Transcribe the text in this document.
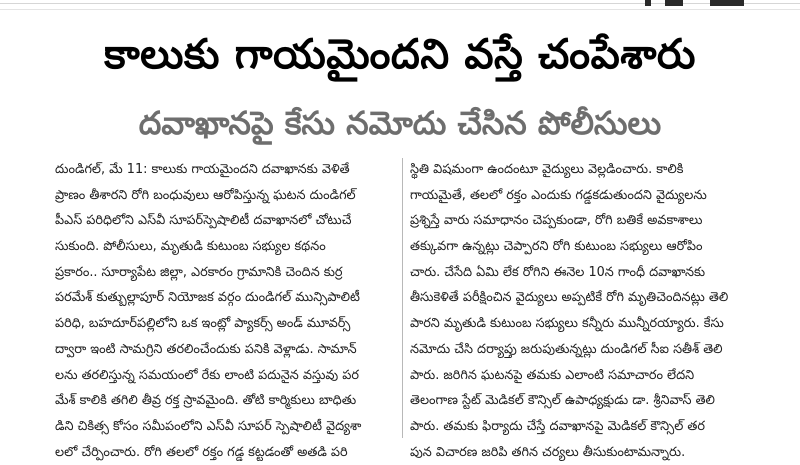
కాలుకు గాయమైందని వస్తే చంపేశారు
దవాఖానపై కేసు నమోదు చేసిన పోలీసులు
దుండిగల్, మే 11: కాలుకు గాయమైందని దవాఖానకు వెళితే
ప్రాణం తీశారని రోగి బంధువులు ఆరోపిస్తున్న ఘటన దుండిగల్
పీఎస్ పరిధిలోని ఎస్‌వీ సూపర్‌స్పెషాలిటీ దవాఖానలో చోటుచే
సుకుంది. పోలీసులు, మృతుడి కుటుంబ సభ్యుల కథనం
ప్రకారం.. సూర్యాపేట జిల్లా, ఎరకారం గ్రామానికి చెందిన కుర్ర
పరమేశ్ కుత్బుల్లాపూర్ నియోజక వర్గం దుండిగల్ మున్సిపాలిటీ
పరిధి, బహదూర్‌పల్లిలోని ఒక ఇంట్లో ప్యాకర్స్ అండ్ మూవర్స్
ద్వారా ఇంటి సామగ్రిని తరలించేందుకు పనికి వెళ్లాడు. సామాన్
లను తరలిస్తున్న సమయంలో రేకు లాంటి పదునైన వస్తువు పర
మేశ్ కాలికి తగిలి తీవ్ర రక్త స్రావమైంది. తోటి కార్మికులు బాధితు
డిని చికిత్స కోసం సమీపంలోని ఎస్‌వీ సూపర్ స్పెషాలిటీ వైద్యశా
లలో చేర్పించారు. రోగి తలలో రక్తం గడ్డ కట్టడంతో అతడి పరి
స్థితి విషమంగా ఉందంటూ వైద్యులు వెల్లడించారు. కాలికి
గాయమైతే, తలలో రక్తం ఎందుకు గడ్డకడుతుందని వైద్యులను
ప్రశ్నిస్తే వారు సమాధానం చెప్పకుండా, రోగి బతికే అవకాశాలు
తక్కువగా ఉన్నట్లు చెప్పారని రోగి కుటుంబ సభ్యులు ఆరోపిం
చారు. చేసేది ఏమి లేక రోగిని ఈనెల 10న గాంధీ దవాఖానకు
తీసుకెళితే పరీక్షించిన వైద్యులు అప్పటికే రోగి మృతిచెందినట్లు తెలి
పారని మృతుడి కుటుంబ సభ్యులు కన్నీరు మున్నీరయ్యారు. కేసు
నమోదు చేసి దర్యాప్తు జరుపుతున్నట్లు దుండిగల్ సీఐ సతీశ్ తెలి
పారు. జరిగిన ఘటనపై తమకు ఎలాంటి సమాచారం లేదని
తెలంగాణ స్టేట్ మెడికల్ కౌన్సిల్ ఉపాధ్యక్షుడు డా. శ్రీనివాస్ తెలి
పారు. తమకు ఫిర్యాదు చేస్తే దవాఖానపై మెడికల్ కౌన్సిల్ తర
పున విచారణ జరిపి తగిన చర్యలు తీసుకుంటామన్నారు.
